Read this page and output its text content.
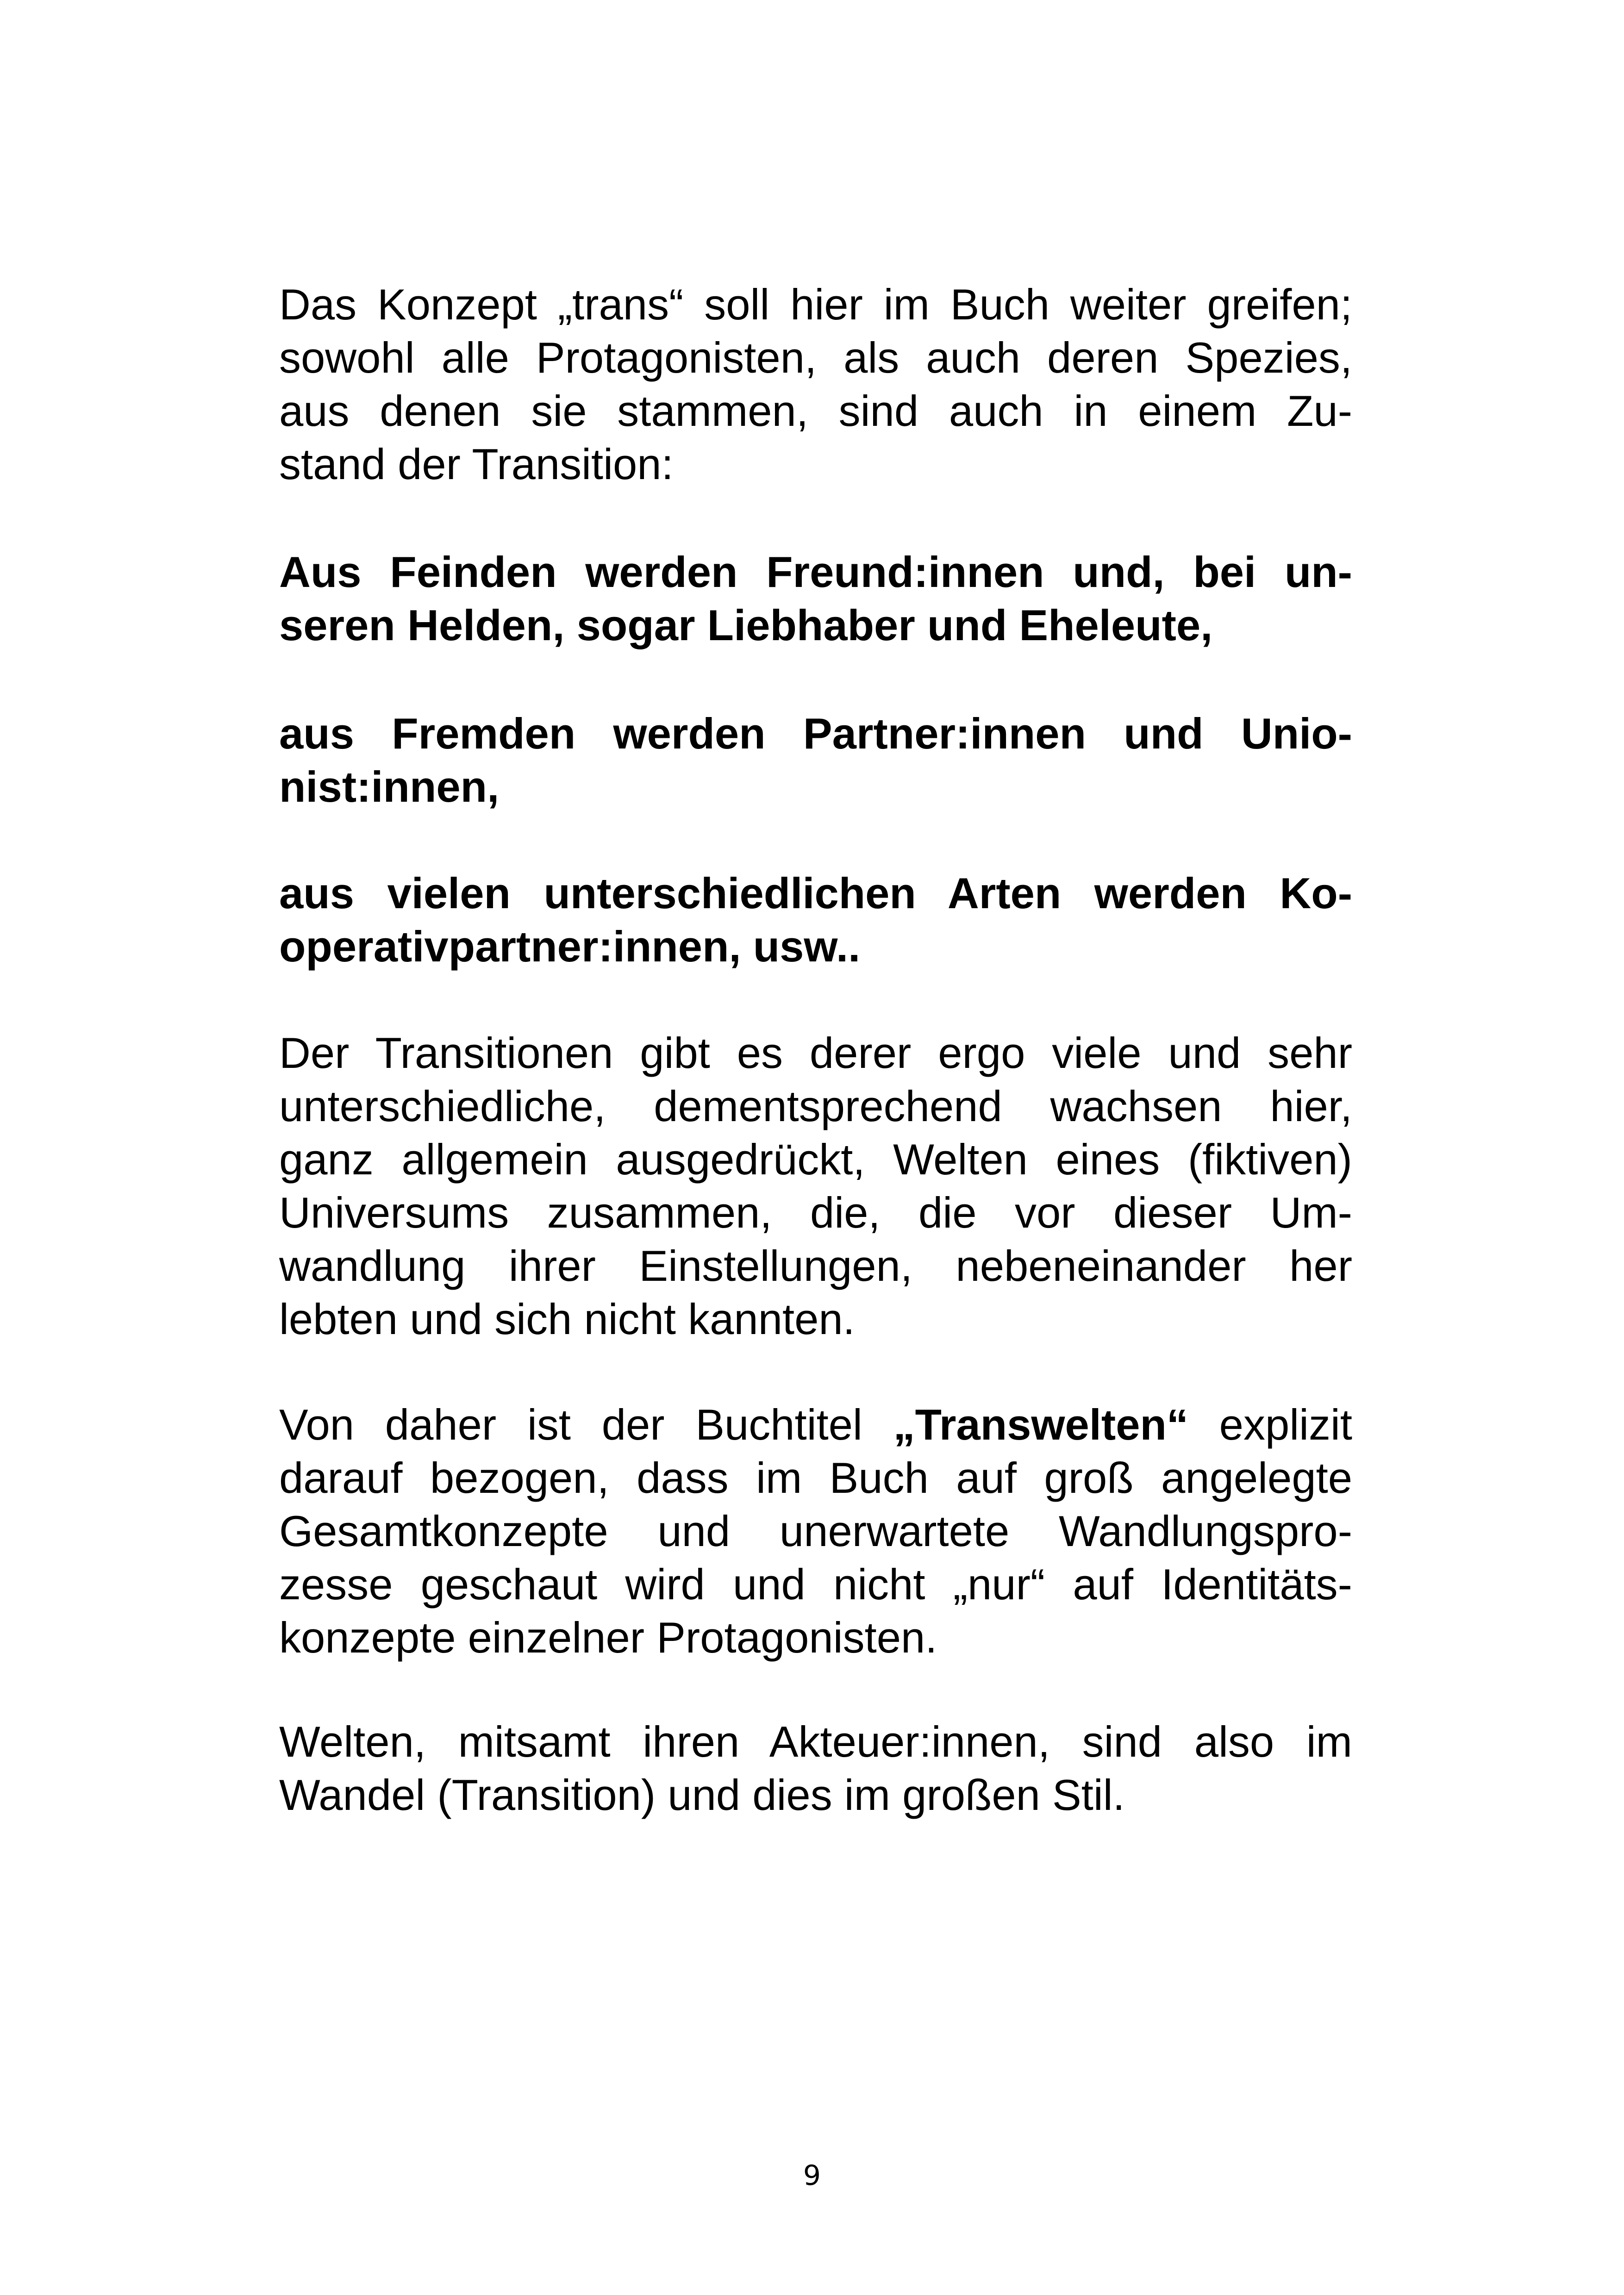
Das Konzept „trans“ soll hier im Buch weiter greifen;
sowohl alle Protagonisten, als auch deren Spezies,
aus denen sie stammen, sind auch in einem Zu-
stand der Transition:

Aus Feinden werden Freund:innen und, bei un-
seren Helden, sogar Liebhaber und Eheleute,

aus Fremden werden Partner:innen und Unio-
nist:innen,

aus vielen unterschiedlichen Arten werden Ko-
operativpartner:innen, usw..

Der Transitionen gibt es derer ergo viele und sehr
unterschiedliche, dementsprechend wachsen hier,
ganz allgemein ausgedrückt, Welten eines (fiktiven)
Universums zusammen, die, die vor dieser Um-
wandlung ihrer Einstellungen, nebeneinander her
lebten und sich nicht kannten.

Von daher ist der Buchtitel „Transwelten“ explizit
darauf bezogen, dass im Buch auf groß angelegte
Gesamtkonzepte und unerwartete Wandlungspro-
zesse geschaut wird und nicht „nur“ auf Identitäts-
konzepte einzelner Protagonisten.

Welten, mitsamt ihren Akteuer:innen, sind also im
Wandel (Transition) und dies im großen Stil.

9
